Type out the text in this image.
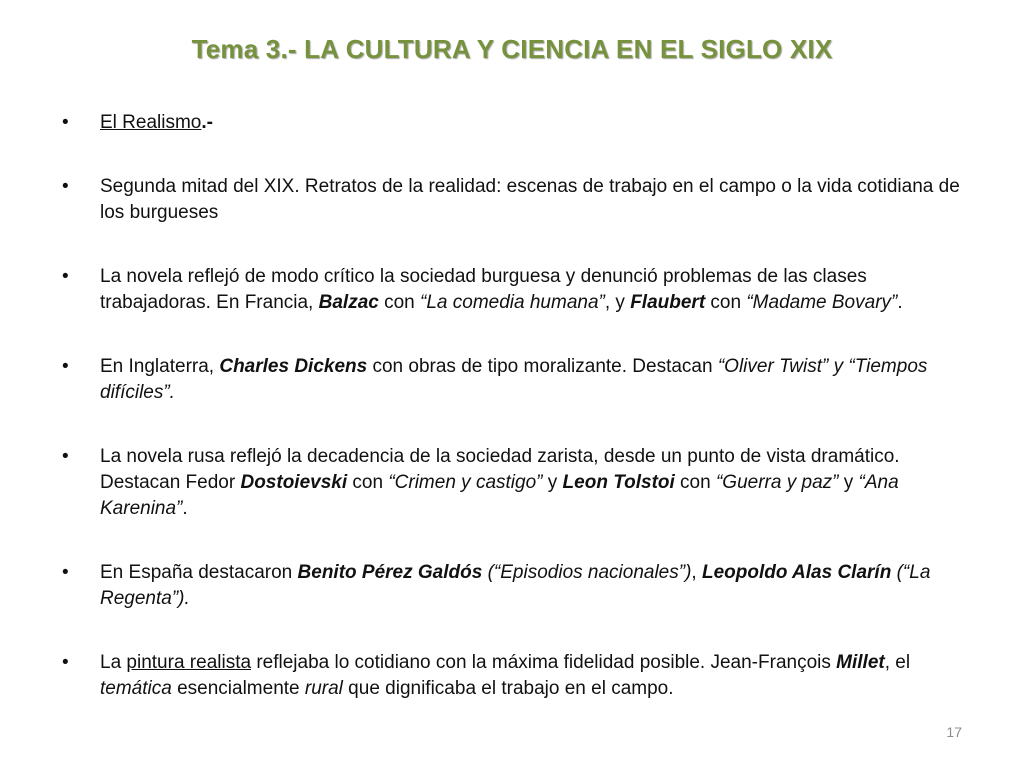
Tema 3.- LA CULTURA Y CIENCIA EN EL SIGLO XIX
• El Realismo.-
• Segunda mitad del XIX. Retratos de la realidad: escenas de trabajo en el campo o la vida cotidiana de los burgueses
• La novela reflejó de modo crítico la sociedad burguesa y denunció problemas de las clases trabajadoras. En Francia, Balzac con “La comedia humana”, y Flaubert con “Madame Bovary”.
• En Inglaterra, Charles Dickens con obras de tipo moralizante. Destacan “Oliver Twist” y “Tiempos difíciles”.
• La novela rusa reflejó la decadencia de la sociedad zarista, desde un punto de vista dramático. Destacan Fedor Dostoievski con “Crimen y castigo” y Leon Tolstoi con “Guerra y paz” y “Ana Karenina”.
• En España destacaron Benito Pérez Galdós (“Episodios nacionales”), Leopoldo Alas Clarín (“La Regenta”).
• La pintura realista reflejaba lo cotidiano con la máxima fidelidad posible. Jean-François Millet, el temática esencialmente rural que dignificaba el trabajo en el campo.
17
